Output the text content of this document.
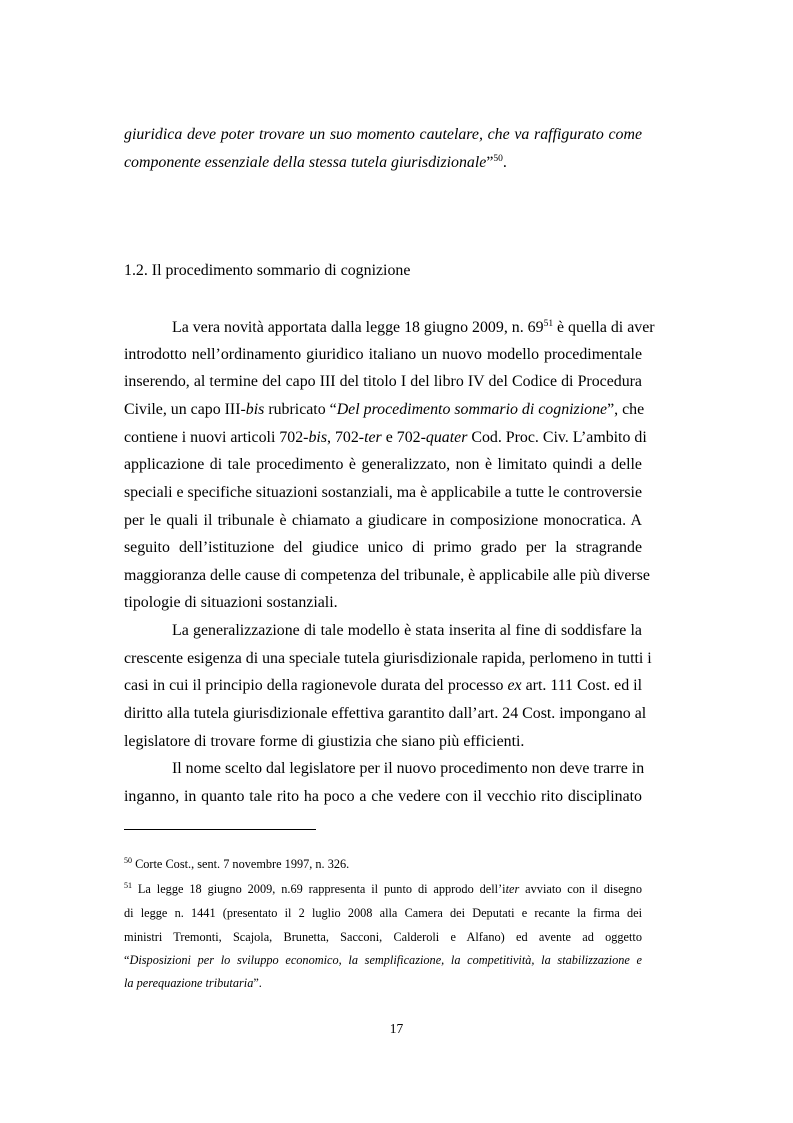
giuridica deve poter trovare un suo momento cautelare, che va raffigurato come
componente essenziale della stessa tutela giurisdizionale”$^{50}$.
1.2. Il procedimento sommario di cognizione
La vera novità apportata dalla legge 18 giugno 2009, n. $69^{51}$ è quella di aver
introdotto nell’ordinamento giuridico italiano un nuovo modello procedimentale
inserendo, al termine del capo III del titolo I del libro IV del Codice di Procedura
Civile, un capo III-bis rubricato “Del procedimento sommario di cognizione”, che
contiene i nuovi articoli 702-bis, 702-ter e 702-quater Cod. Proc. Civ. L’ambito di
applicazione di tale procedimento è generalizzato, non è limitato quindi a delle
speciali e specifiche situazioni sostanziali, ma è applicabile a tutte le controversie
per le quali il tribunale è chiamato a giudicare in composizione monocratica. A
seguito dell’istituzione del giudice unico di primo grado per la stragrande
maggioranza delle cause di competenza del tribunale, è applicabile alle più diverse
tipologie di situazioni sostanziali.
La generalizzazione di tale modello è stata inserita al fine di soddisfare la
crescente esigenza di una speciale tutela giurisdizionale rapida, perlomeno in tutti i
casi in cui il principio della ragionevole durata del processo ex art. 111 Cost. ed il
diritto alla tutela giurisdizionale effettiva garantito dall’art. 24 Cost. impongano al
legislatore di trovare forme di giustizia che siano più efficienti.
Il nome scelto dal legislatore per il nuovo procedimento non deve trarre in
inganno, in quanto tale rito ha poco a che vedere con il vecchio rito disciplinato
$^{50}$ Corte Cost., sent. 7 novembre 1997, n. 326.
$^{51}$ La legge 18 giugno 2009, n.69 rappresenta il punto di approdo dell’iter avviato con il disegno
di legge n. 1441 (presentato il 2 luglio 2008 alla Camera dei Deputati e recante la firma dei
ministri Tremonti, Scajola, Brunetta, Sacconi, Calderoli e Alfano) ed avente ad oggetto
“Disposizioni per lo sviluppo economico, la semplificazione, la competitività, la stabilizzazione e
la perequazione tributaria”.
17
